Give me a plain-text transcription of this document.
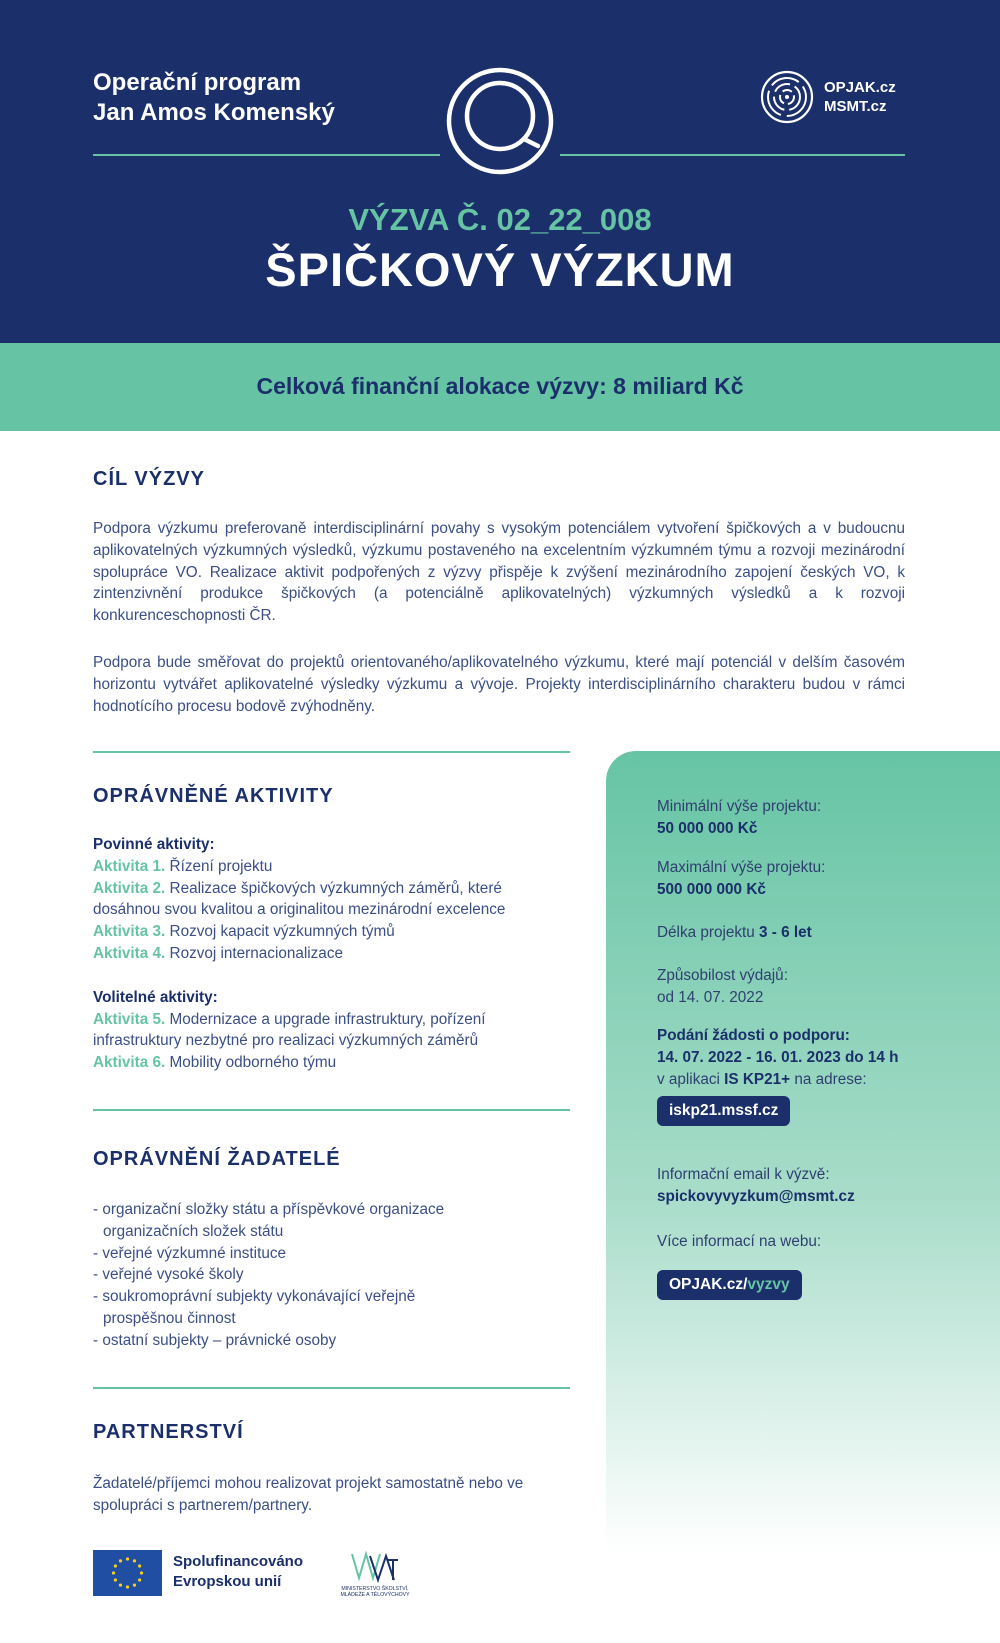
Operační program
Jan Amos Komenský
OPJAK.cz
MSMT.cz
VÝZVA Č. 02_22_008
ŠPIČKOVÝ VÝZKUM
Celková finanční alokace výzvy: 8 miliard Kč
CÍL VÝZVY

Podpora výzkumu preferovaně interdisciplinární povahy s vysokým potenciálem vytvoření špičkových a v budoucnu aplikovatelných výzkumných výsledků, výzkumu postaveného na excelentním výzkumném týmu a rozvoji mezinárodní spolupráce VO. Realizace aktivit podpořených z výzvy přispěje k zvýšení mezinárodního zapojení českých VO, k zintenzivnění produkce špičkových (a potenciálně aplikovatelných) výzkumných výsledků a k rozvoji konkurenceschopnosti ČR.

Podpora bude směřovat do projektů orientovaného/aplikovatelného výzkumu, které mají potenciál v delším časovém horizontu vytvářet aplikovatelné výsledky výzkumu a vývoje. Projekty interdisciplinárního charakteru budou v rámci hodnotícího procesu bodově zvýhodněny.

OPRÁVNĚNÉ AKTIVITY
Povinné aktivity:
Aktivita 1. Řízení projektu
Aktivita 2. Realizace špičkových výzkumných záměrů, které dosáhnou svou kvalitou a originalitou mezinárodní excelence
Aktivita 3. Rozvoj kapacit výzkumných týmů
Aktivita 4. Rozvoj internacionalizace
Volitelné aktivity:
Aktivita 5. Modernizace a upgrade infrastruktury, pořízení infrastruktury nezbytné pro realizaci výzkumných záměrů
Aktivita 6. Mobility odborného týmu
OPRÁVNĚNÍ ŽADATELÉ
- organizační složky státu a příspěvkové organizace
organizačních složek státu
- veřejné výzkumné instituce
- veřejné vysoké školy
- soukromoprávní subjekty vykonávající veřejně
prospěšnou činnost
- ostatní subjekty – právnické osoby
PARTNERSTVÍ

Žadatelé/příjemci mohou realizovat projekt samostatně nebo ve spolupráci s partnerem/partnery.

Minimální výše projektu:
50 000 000 Kč
Maximální výše projektu:
500 000 000 Kč
Délka projektu 3 - 6 let
Způsobilost výdajů:
od 14. 07. 2022
Podání žádosti o podporu:
14. 07. 2022 - 16. 01. 2023 do 14 h
v aplikaci IS KP21+ na adrese:
iskp21.mssf.cz
Informační email k výzvě:
spickovyvyzkum@msmt.cz
Více informací na webu:
OPJAK.cz/vyzvy
Spolufinancováno
Evropskou unií	MINISTERSTVO ŠKOLSTVÍ,
MLÁDEŽE A TĚLOVÝCHOVY
